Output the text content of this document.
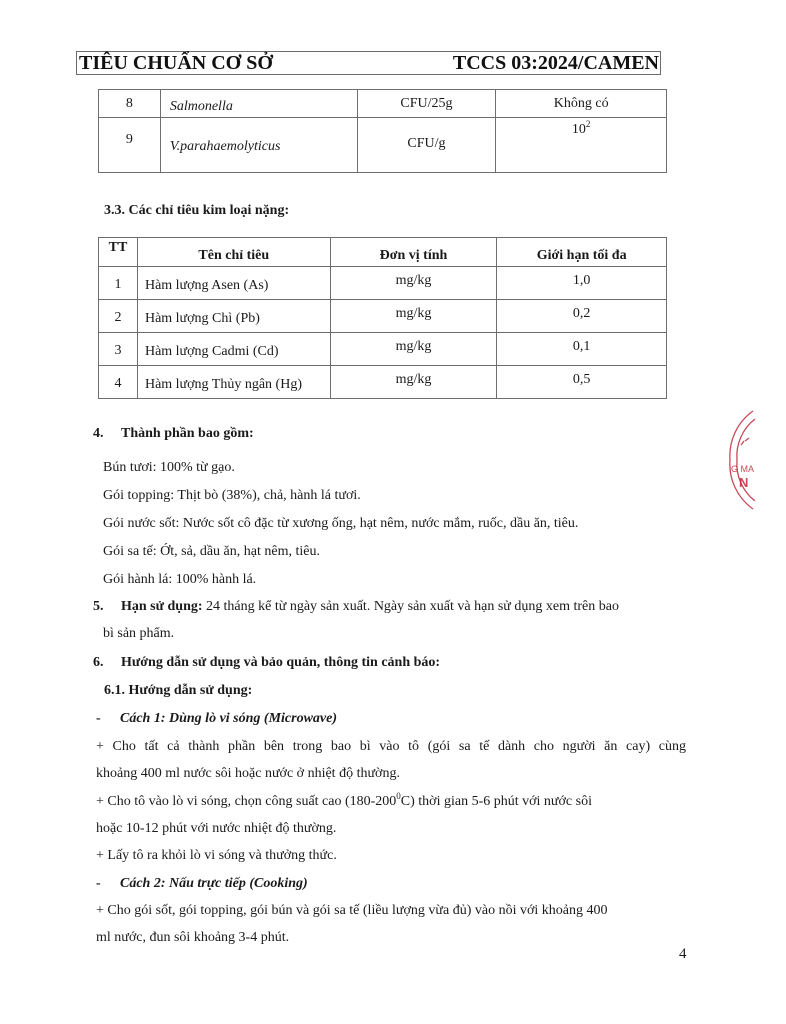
TIÊU CHUẨN CƠ SỞ	TCCS 03:2024/CAMEN
8	Salmonella	CFU/25g	Không có
9	V.parahaemolyticus	CFU/g	$10^2$
3.3. Các chỉ tiêu kim loại nặng:
TT	Tên chỉ tiêu	Đơn vị tính	Giới hạn tối đa
1	Hàm lượng Asen (As)	mg/kg	1,0
2	Hàm lượng Chì (Pb)	mg/kg	0,2
3	Hàm lượng Cadmi (Cd)	mg/kg	0,1
4	Hàm lượng Thủy ngân (Hg)	mg/kg	0,5
4. Thành phần bao gồm:
Bún tươi: 100% từ gạo.
Gói topping: Thịt bò (38%), chả, hành lá tươi.
Gói nước sốt: Nước sốt cô đặc từ xương ống, hạt nêm, nước mắm, ruốc, dầu ăn, tiêu.
Gói sa tế: Ớt, sả, dầu ăn, hạt nêm, tiêu.
Gói hành lá: 100% hành lá.
5. Hạn sử dụng: 24 tháng kể từ ngày sản xuất. Ngày sản xuất và hạn sử dụng xem trên bao
bì sản phẩm.
6. Hướng dẫn sử dụng và bảo quản, thông tin cảnh báo:
6.1. Hướng dẫn sử dụng:
- Cách 1: Dùng lò vi sóng (Microwave)
+ Cho tất cả thành phần bên trong bao bì vào tô (gói sa tế dành cho người ăn cay) cùng
khoảng 400 ml nước sôi hoặc nước ở nhiệt độ thường.
+ Cho tô vào lò vi sóng, chọn công suất cao $(180-200^0C)$ thời gian 5-6 phút với nước sôi
hoặc 10-12 phút với nước nhiệt độ thường.
+ Lấy tô ra khỏi lò vi sóng và thưởng thức.
- Cách 2: Nấu trực tiếp (Cooking)
+ Cho gói sốt, gói topping, gói bún và gói sa tế (liều lượng vừa đủ) vào nồi với khoảng 400
ml nước, đun sôi khoảng 3-4 phút.
4
G MA
N
